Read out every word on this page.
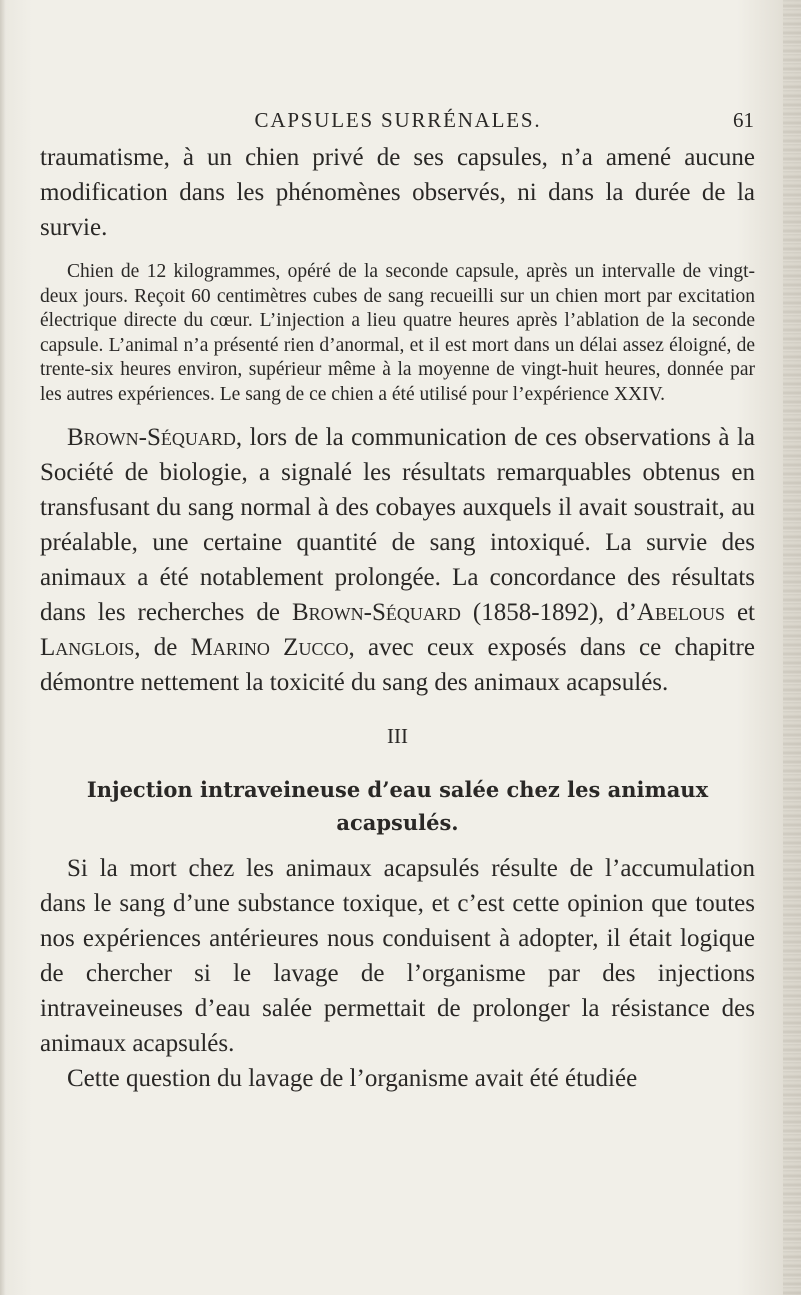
CAPSULES SURRÉNALES.	61

traumatisme, à un chien privé de ses capsules, n’a amené aucune modification dans les phénomènes observés, ni dans la durée de la survie.

Chien de 12 kilogrammes, opéré de la seconde capsule, après un intervalle de vingt-deux jours. Reçoit 60 centimètres cubes de sang recueilli sur un chien mort par excitation électrique directe du cœur. L’injection a lieu quatre heures après l’ablation de la seconde capsule. L’animal n’a présenté rien d’anormal, et il est mort dans un délai assez éloigné, de trente-six heures environ, supérieur même à la moyenne de vingt-huit heures, donnée par les autres expériences. Le sang de ce chien a été utilisé pour l’expérience XXIV.

Brown-Séquard, lors de la communication de ces observations à la Société de biologie, a signalé les résultats remarquables obtenus en transfusant du sang normal à des cobayes auxquels il avait soustrait, au préalable, une certaine quantité de sang intoxiqué. La survie des animaux a été notablement prolongée. La concordance des résultats dans les recherches de Brown-Séquard (1858-1892), d’Abelous et Langlois, de Marino Zucco, avec ceux exposés dans ce chapitre démontre nettement la toxicité du sang des animaux acapsulés.

III
Injection intraveineuse d’eau salée chez les animaux acapsulés.

Si la mort chez les animaux acapsulés résulte de l’accumulation dans le sang d’une substance toxique, et c’est cette opinion que toutes nos expériences antérieures nous conduisent à adopter, il était logique de chercher si le lavage de l’organisme par des injections intraveineuses d’eau salée permettait de prolonger la résistance des animaux acapsulés.

Cette question du lavage de l’organisme avait été étudiée
